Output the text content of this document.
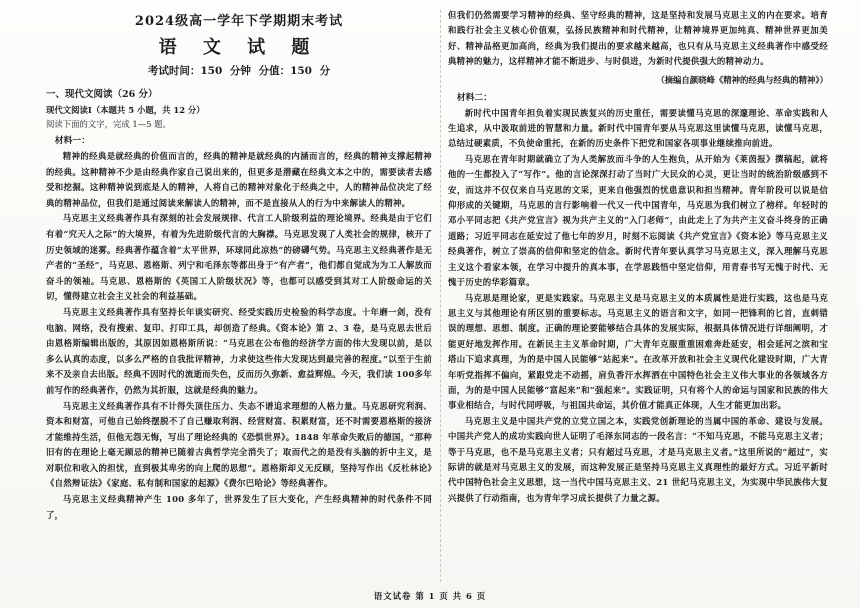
2024级高一学年下学期期末考试
语 文 试 题
考试时间：150 分钟 分值：150 分
一、现代文阅读（26 分）
现代文阅读Ⅰ（本题共 5 小题，共 12 分）
阅读下面的文字，完成 1—5 题。
材料一：

精神的经典是就经典的价值而言的，经典的精神是就经典的内涵而言的，经典的精神支撑起精神的经典。这种精神不少是由经典作家自己说出来的，但更多是潜藏在经典文本之中的，需要读者去感受和挖掘。这种精神说到底是人的精神，人将自己的精神对象化于经典之中，人的精神品位决定了经典的精神品位，但我们是通过阅读来解读人的精神，而不是直接从人的行为中来解读人的精神。

马克思主义经典著作具有深刻的社会发展规律、代言工人阶级利益的理论境界。经典是由于它们有着“究天人之际”的大境界，有着为先进阶级代言的大胸襟。马克思发现了人类社会的规律，核开了历史领域的迷雾。经典著作蕴含着“太平世界，环球同此凉热”的磅礴气势。马克思主义经典著作是无产者的“圣经”，马克思、恩格斯、列宁和毛泽东等都出身于“有产者”，他们都自觉成为为工人解放而奋斗的领袖。马克思、恩格斯的《英国工人阶级状况》等，也都可以感受到其对工人阶级命运的关切，懂得建立社会主义社会的利益基础。

马克思主义经典著作具有坚持长年谈实研究、经受实践历史检验的科学态度。十年磨一剑，没有电脑、网络，没有搜索、复印、打印工具，却创造了经典。《资本论》第 2、3 卷，是马克思去世后由恩格斯编辑出版的，其原因如恩格斯所说：“马克思在公布他的经济学方面的伟大发现以前，是以多么认真的态度，以多么严格的自我批评精神，力求使这些伟大发现达到最完善的程度。”以至于生前来不及亲自去出版。经典不因时代的流逝而失色，反而历久弥新、愈益辉煌。今天，我们读 100多年前写作的经典著作，仍然为其折服，这就是经典的魅力。

马克思主义经典著作具有不计得失顶住压力、失态不谱追求理想的人格力量。马克思研究利润、资本和财富，可他自己始终摆脱不了自己赚取利润、经营财富、积累财富，还不时需要恩格斯的接济才能维持生活，但他无怨无悔，写出了理论经典的《恐惧世界》。1848 年革命失败后的德国，“那种旧有的在理论上毫无顾忌的精神已随着古典哲学完全消失了；取而代之的是没有头脑的折中主义，是对职位和收入的担忧，直到极其卑劣的向上爬的思想”。恩格斯却义无反顾，坚持写作出《反杜林论》《自然辩证法》《家庭、私有制和国家的起源》《费尔巴哈论》等经典著作。

马克思主义经典精神产生 100 多年了，世界发生了巨大变化，产生经典精神的时代条件不同了，

但我们仍然需要学习精神的经典、坚守经典的精神，这是坚持和发展马克思主义的内在要求。培育和践行社会主义核心价值观，弘扬民族精神和时代精神，让精神境界更加纯真、精神世界更加美好、精神品格更加高尚，经典为我们提出的要求越来越高，也只有从马克思主义经典著作中感受经典精神的魅力，这样精神才能不断进步、与时俱进，为新时代提供强大的精神动力。

（摘编自颜晓峰《精神的经典与经典的精神》）
材料二：

新时代中国青年担负着实现民族复兴的历史重任，需要读懂马克思的深邃理论、革命实践和人生追求，从中汲取前进的智慧和力量。新时代中国青年要从马克思这里读懂马克思，读懂马克思，总结过硬素质，不负使命重托，在新的历史条件下把党和国家各项事业继续推向前进。

马克思在青年时期就确立了为人类解放而斗争的人生抱负，从开始为《莱茵报》撰稿起，就将他的一生都投入了“写作”。他的言论深深打动了当时广大民众的心灵，更让当时的统治阶级感到不安，而这并不仅仅来自马克思的文采，更来自他强烈的忧患意识和担当精神。青年阶段可以说是信仰形成的关键期，马克思的言行影响着一代又一代中国青年，马克思为我们树立了榜样。年轻时的邓小平同志把《共产党宣言》视为共产主义的“入门老师”，由此走上了为共产主义奋斗终身的正确道路；习近平同志在延安过了他七年的岁月，时刻不忘阅读《共产党宣言》《资本论》等马克思主义经典著作，树立了崇高的信仰和坚定的信念。新时代青年要认真学习马克思主义，深入理解马克思主义这个看家本领，在学习中提升的真本事，在学思践悟中坚定信仰，用青春书写无愧于时代、无愧于历史的华彩篇章。

马克思是理论家，更是实践家。马克思主义是马克思主义的本质属性是进行实践，这也是马克思主义与其他理论有所区别的重要标志。马克思主义的语言和文字，如同一把锋利的匕首，直刺错误的理想、思想、制度。正确的理论要能够结合具体的发展实际，根据具体情况进行详细阐明，才能更好地发挥作用。在新民主主义革命时期，广大青年克服重重困难奔赴延安，相会延河之滨和宝塔山下追求真理，为的是中国人民能够“站起来”。在改革开放和社会主义现代化建设时期，广大青年听党指挥不偏向，紧跟党走不动摇，肩负香汗水挥洒在中国特色社会主义伟大事业的各领域各方面，为的是中国人民能够“富起来”和“强起来”。实践证明，只有将个人的命运与国家和民族的伟大事业相结合，与时代同呼吸，与祖国共命运，其价值才能真正体现，人生才能更加出彩。

马克思主义是中国共产党的立党立国之本，实践党创新理论的当属中国的革命、建设与发展。中国共产党人的成功实践向世人证明了毛泽东同志的一段名言：“不知马克思，不能马克思主义者；等于马克思，也不是马克思主义者；只有超过马克思，才是马克思主义者。”这里所说的“超过”，实际讲的就是对马克思主义的发展，而这种发展正是坚持马克思主义真理性的最好方式。习近平新时代中国特色社会主义思想，这一当代中国马克思主义、21 世纪马克思主义，为实现中华民族伟大复兴提供了行动指南，也为青年学习成长提供了力量之源。

语文试卷 第 1 页 共 6 页
